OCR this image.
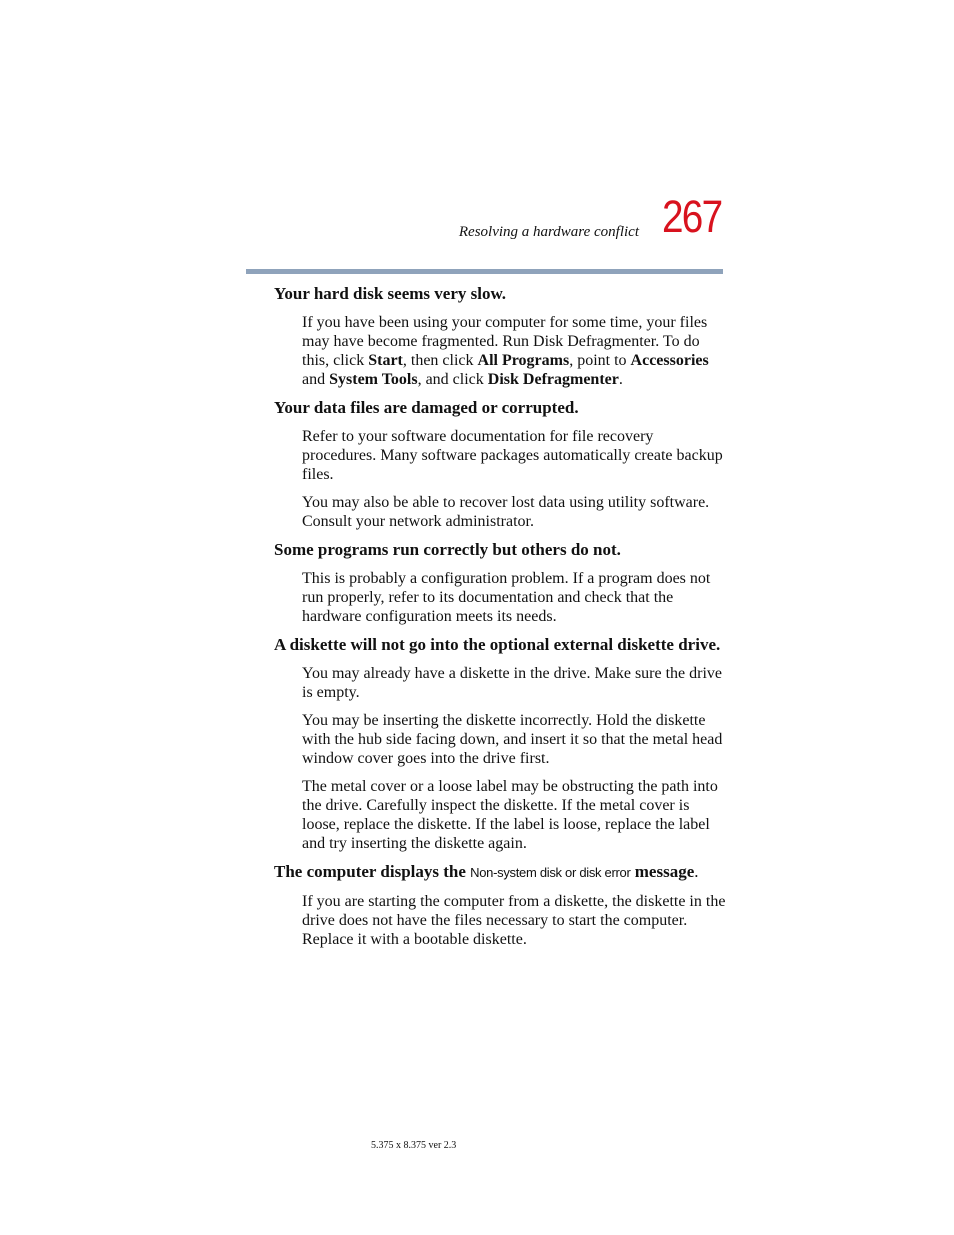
Resolving a hardware conflict 267
Your hard disk seems very slow.

If you have been using your computer for some time, your files may have become fragmented. Run Disk Defragmenter. To do this, click Start, then click All Programs, point to Accessories and System Tools, and click Disk Defragmenter.

Your data files are damaged or corrupted.

Refer to your software documentation for file recovery procedures. Many software packages automatically create backup files.

You may also be able to recover lost data using utility software. Consult your network administrator.

Some programs run correctly but others do not.

This is probably a configuration problem. If a program does not run properly, refer to its documentation and check that the hardware configuration meets its needs.

A diskette will not go into the optional external diskette drive.

You may already have a diskette in the drive. Make sure the drive is empty.

You may be inserting the diskette incorrectly. Hold the diskette with the hub side facing down, and insert it so that the metal head window cover goes into the drive first.

The metal cover or a loose label may be obstructing the path into the drive. Carefully inspect the diskette. If the metal cover is loose, replace the diskette. If the label is loose, replace the label and try inserting the diskette again.

The computer displays the Non-system disk or disk error message.

If you are starting the computer from a diskette, the diskette in the drive does not have the files necessary to start the computer. Replace it with a bootable diskette.

5.375 x 8.375 ver 2.3
